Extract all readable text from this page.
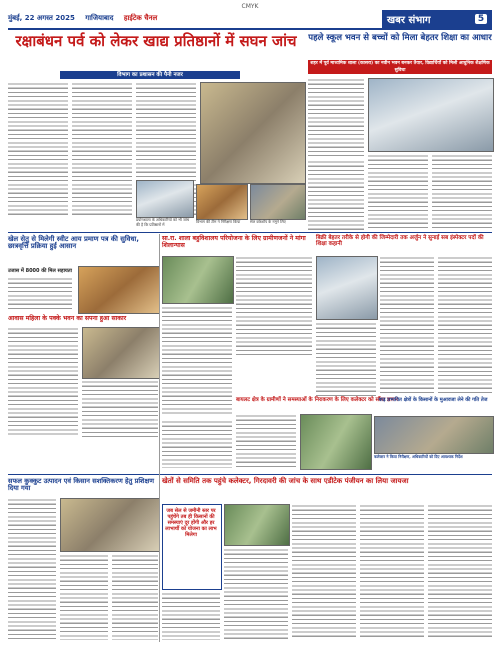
CMYK
मुंबई, 22 अगस्त 2025 गाजियाबाद हाईटेक चैनल	खबर संभाग	5
रक्षाबंधन पर्व को लेकर खाद्य प्रतिष्ठानों में सघन जांच
विभाग का प्रशासन की पैनी नजर
प्रयोगशाला के अधिकारियों को भी जांच की है कि प्रतिष्ठानों में
विभाग की टीम ने निरीक्षण किया	सेल वर्कशॉप के नमूने लिए
पहले स्कूल भवन से बच्चों को मिला बेहतर शिक्षा का आधार
शहर में पूर्व माध्यमिक शाला (कासरा) का नवीन भवन बनकर तैयार, विद्यार्थियों को मिली आधुनिक शैक्षणिक सुविधा
खेल सेतु से मिलेगी स्वीट आय प्रमाण पत्र की सुविधा, छात्रवृत्ति प्रक्रिया हुई आसान
उजास में 8000 की मिल सहायता
आवास महिला के पक्के भवन का सपना हुआ साकार
सा.रा. शाला बहुविशालय परियोजना के लिए ग्रामीणजनों ने मांगा शिलान्यास
बिक्री बेहतर तरीके से होगी की जिम्मेदारी तक अर्जुन ने सुनाई सब इंस्पेक्टर पदों की शिक्षा कहानी
बायलट क्षेत्र के ग्रामीणों ने समस्याओं के निराकरण के लिए कलेक्टर को सौंपा ज्ञापन
बाढ़ प्रभावित क्षेत्रों के किसानों के मुआवजा लेने की गति तेज
कलेक्टर ने किया निरीक्षण, अधिकारियों को दिए आवश्यक निर्देश
खेतों से समिति तक पहुंचे कलेक्टर, गिरदावरी की जांच के साथ एडीटेक पंजीयन का लिया जायजा
जब सेल से जमीनी स्तर पर पहुंचेंगे तब ही किसानों की समस्याएं दूर होंगी और हर लाभार्थी को योजना का लाभ मिलेगा
सफल कुक्कुट उत्पादन एवं किसान सशक्तिकरण हेतु प्रशिक्षण दिया गया
